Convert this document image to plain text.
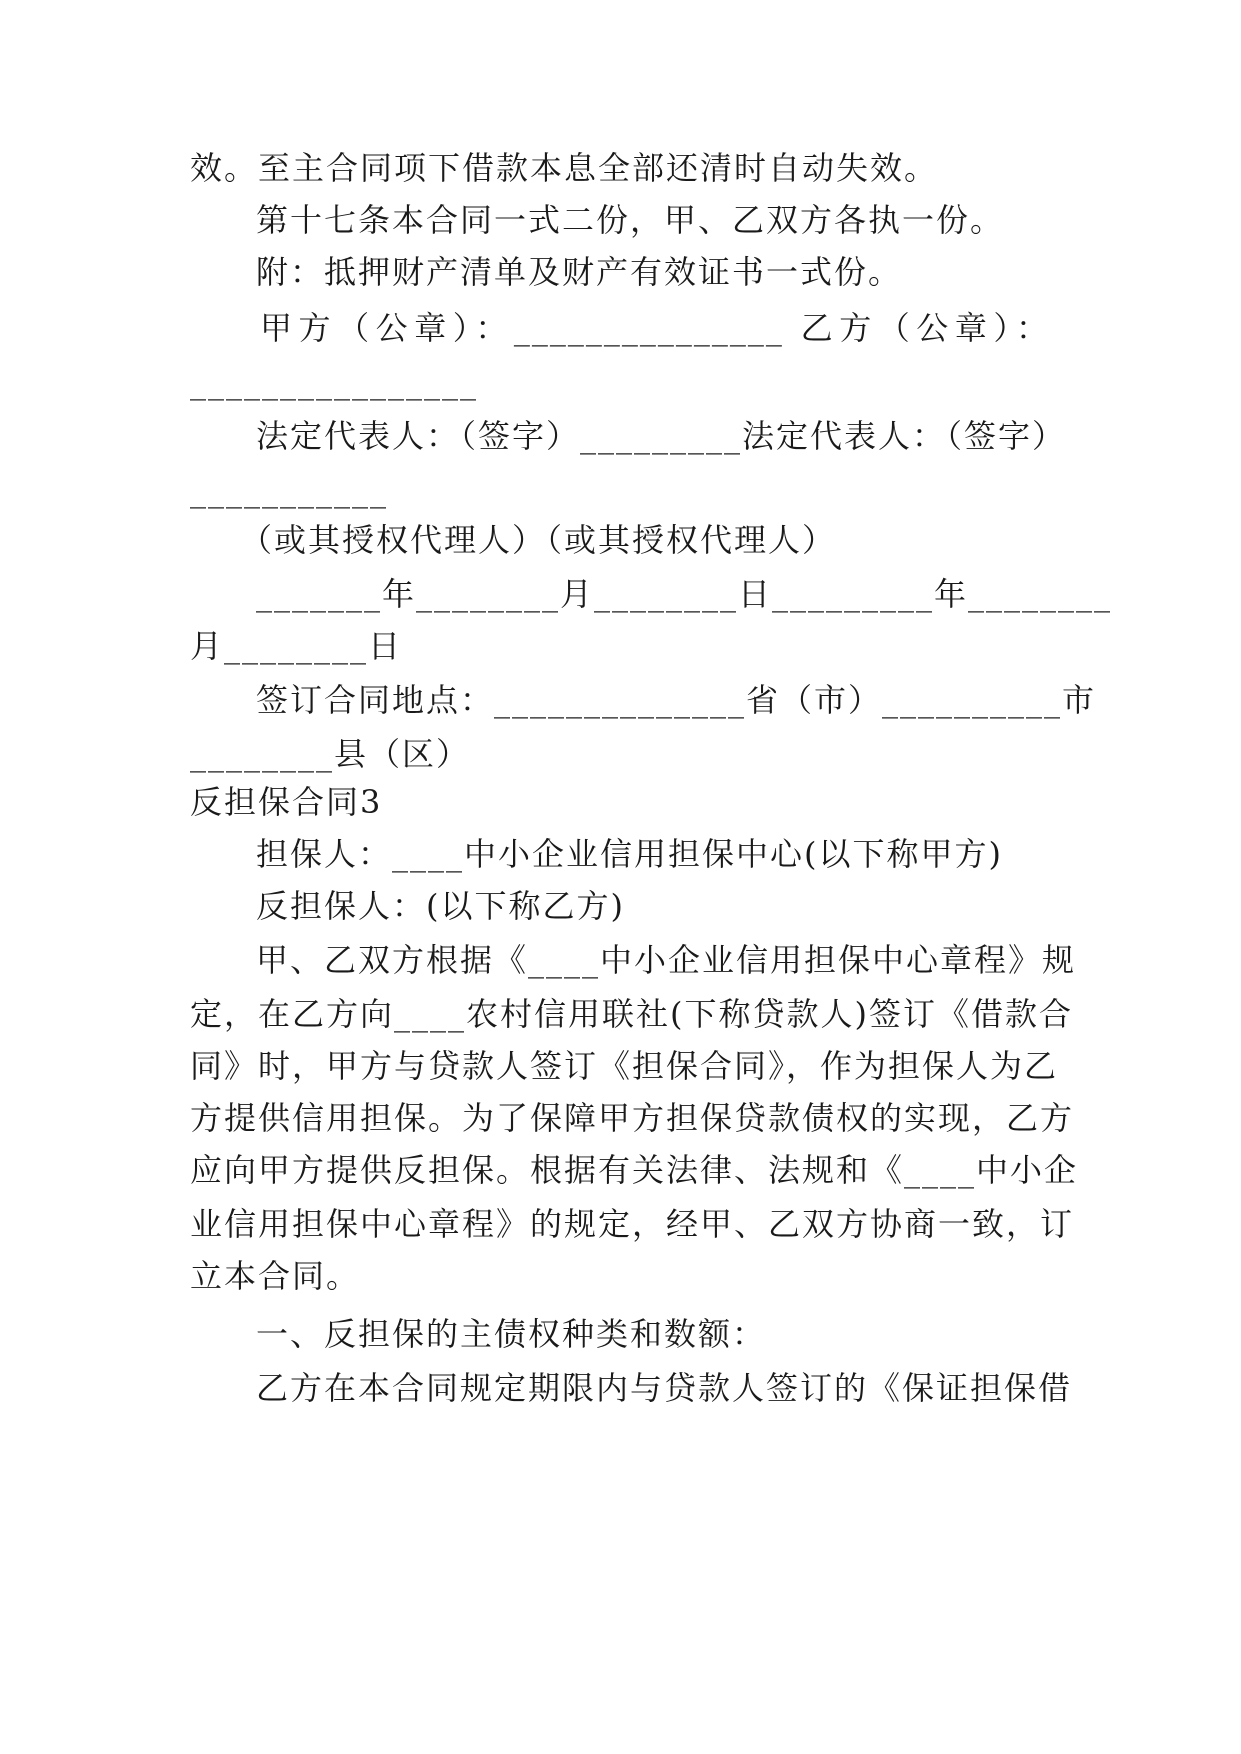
效。至主合同项下借款本息全部还清时自动失效。
第十七条本合同一式二份，甲、乙双方各执一份。
附：抵押财产清单及财产有效证书一式份。
甲方（公章）：_______________ 乙方（公章）：
________________
法定代表人：（签字）_________法定代表人：（签字）
___________
（或其授权代理人）（或其授权代理人）
_______年________月________日_________年________
月________日
签订合同地点：______________省（市）__________市
________县（区）
反担保合同3
担保人：____中小企业信用担保中心(以下称甲方)
反担保人：(以下称乙方)
甲、乙双方根据《____中小企业信用担保中心章程》规
定，在乙方向____农村信用联社(下称贷款人)签订《借款合
同》时，甲方与贷款人签订《担保合同》，作为担保人为乙
方提供信用担保。为了保障甲方担保贷款债权的实现，乙方
应向甲方提供反担保。根据有关法律、法规和《____中小企
业信用担保中心章程》的规定，经甲、乙双方协商一致，订
立本合同。
一、反担保的主债权种类和数额：
乙方在本合同规定期限内与贷款人签订的《保证担保借
